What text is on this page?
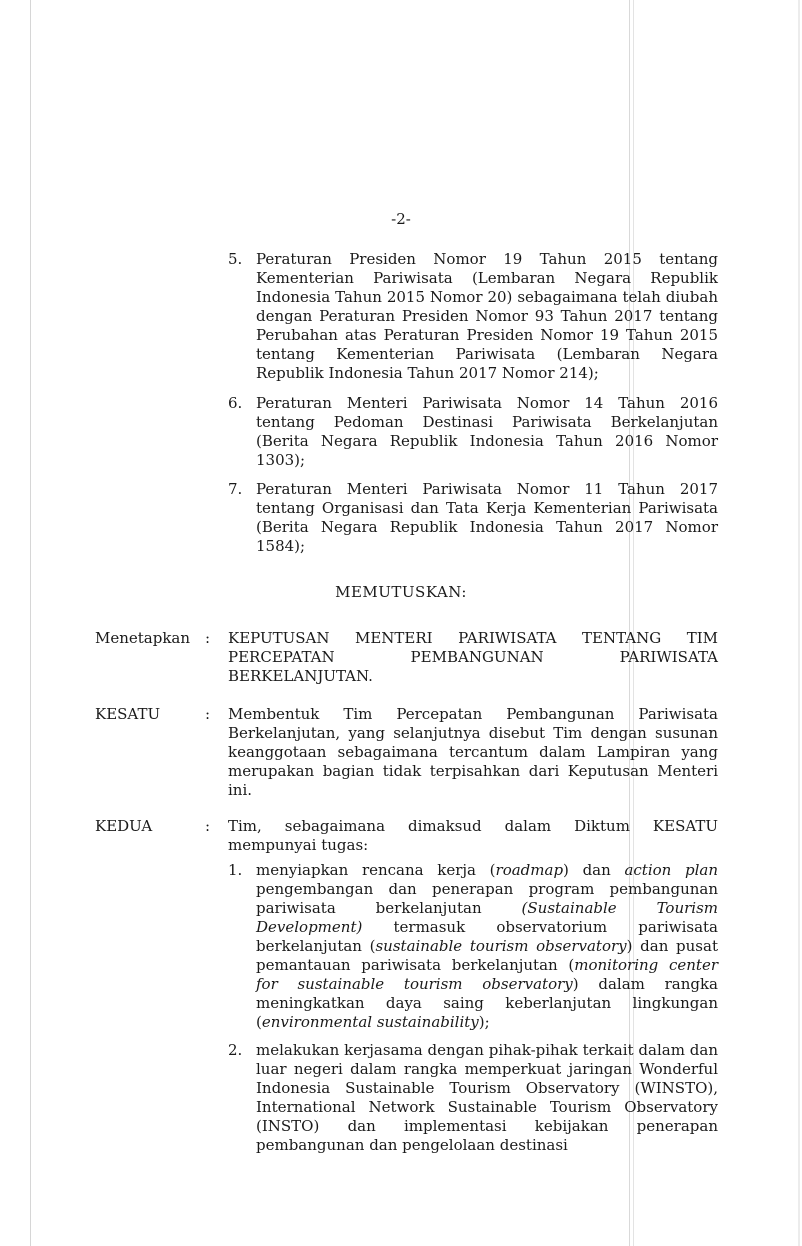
-2-
5. Peraturan Presiden Nomor 19 Tahun 2015 tentang Kementerian Pariwisata (Lembaran Negara Republik Indonesia Tahun 2015 Nomor 20) sebagaimana telah diubah dengan Peraturan Presiden Nomor 93 Tahun 2017 tentang Perubahan atas Peraturan Presiden Nomor 19 Tahun 2015 tentang Kementerian Pariwisata (Lembaran Negara Republik Indonesia Tahun 2017 Nomor 214);
6. Peraturan Menteri Pariwisata Nomor 14 Tahun 2016 tentang Pedoman Destinasi Pariwisata Berkelanjutan (Berita Negara Republik Indonesia Tahun 2016 Nomor 1303);
7. Peraturan Menteri Pariwisata Nomor 11 Tahun 2017 tentang Organisasi dan Tata Kerja Kementerian Pariwisata (Berita Negara Republik Indonesia Tahun 2017 Nomor 1584);
MEMUTUSKAN:
Menetapkan : KEPUTUSAN MENTERI PARIWISATA TENTANG TIM PERCEPATAN PEMBANGUNAN PARIWISATA BERKELANJUTAN.
KESATU	: Membentuk Tim Percepatan Pembangunan Pariwisata Berkelanjutan, yang selanjutnya disebut Tim dengan susunan keanggotaan sebagaimana tercantum dalam Lampiran yang merupakan bagian tidak terpisahkan dari Keputusan Menteri ini.
KEDUA	: Tim, sebagaimana dimaksud dalam Diktum KESATU mempunyai tugas:
1. menyiapkan rencana kerja (roadmap) dan action plan pengembangan dan penerapan program pembangunan pariwisata berkelanjutan (Sustainable Tourism Development) termasuk observatorium pariwisata berkelanjutan (sustainable tourism observatory) dan pusat pemantauan pariwisata berkelanjutan (monitoring center for sustainable tourism observatory) dalam rangka meningkatkan daya saing keberlanjutan lingkungan (environmental sustainability);
2. melakukan kerjasama dengan pihak-pihak terkait dalam dan luar negeri dalam rangka memperkuat jaringan Wonderful Indonesia Sustainable Tourism Observatory (WINSTO), International Network Sustainable Tourism Observatory (INSTO) dan implementasi kebijakan penerapan pembangunan dan pengelolaan destinasi
